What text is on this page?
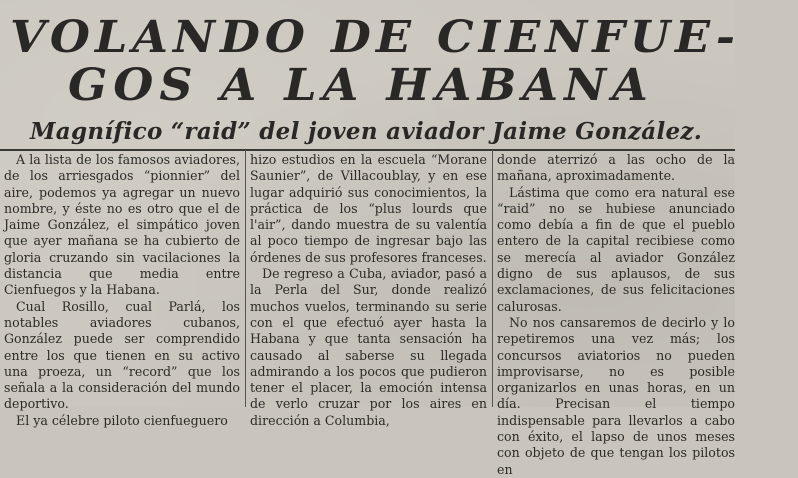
VOLANDO DE CIENFUE-
GOS A LA HABANA
Magnífico “raid” del joven aviador Jaime González.

A la lista de los famosos aviadores, de los arriesgados “pionnier” del aire, podemos ya agregar un nuevo nombre, y éste no es otro que el de Jaime González, el simpático joven que ayer mañana se ha cubierto de gloria cruzando sin vacilaciones la distancia que media entre Cienfuegos y la Habana.

Cual Rosillo, cual Parlá, los notables aviadores cubanos, González puede ser comprendido entre los que tienen en su activo una proeza, un “record” que los señala a la consideración del mundo deportivo.

El ya célebre piloto cienfueguero

hizo estudios en la escuela “Morane Saunier”, de Villacoublay, y en ese lugar adquirió sus conocimientos, la práctica de los “plus lourds que l'air”, dando muestra de su valentía al poco tiempo de ingresar bajo las órdenes de sus profesores franceses.

De regreso a Cuba, aviador, pasó a la Perla del Sur, donde realizó muchos vuelos, terminando su serie con el que efectuó ayer hasta la Habana y que tanta sensación ha causado al saberse su llegada admirando a los pocos que pudieron tener el placer, la emoción intensa de verlo cruzar por los aires en dirección a Columbia,

donde aterrizó a las ocho de la mañana, aproximadamente.

Lástima que como era natural ese “raid” no se hubiese anunciado como debía a fin de que el pueblo entero de la capital recibiese como se merecía al aviador González digno de sus aplausos, de sus exclamaciones, de sus felicitaciones calurosas.

No nos cansaremos de decirlo y lo repetiremos una vez más; los concursos aviatorios no pueden improvisarse, no es posible organizarlos en unas horas, en un día. Precisan el tiempo indispensable para llevarlos a cabo con éxito, el lapso de unos meses con objeto de que tengan los pilotos en
